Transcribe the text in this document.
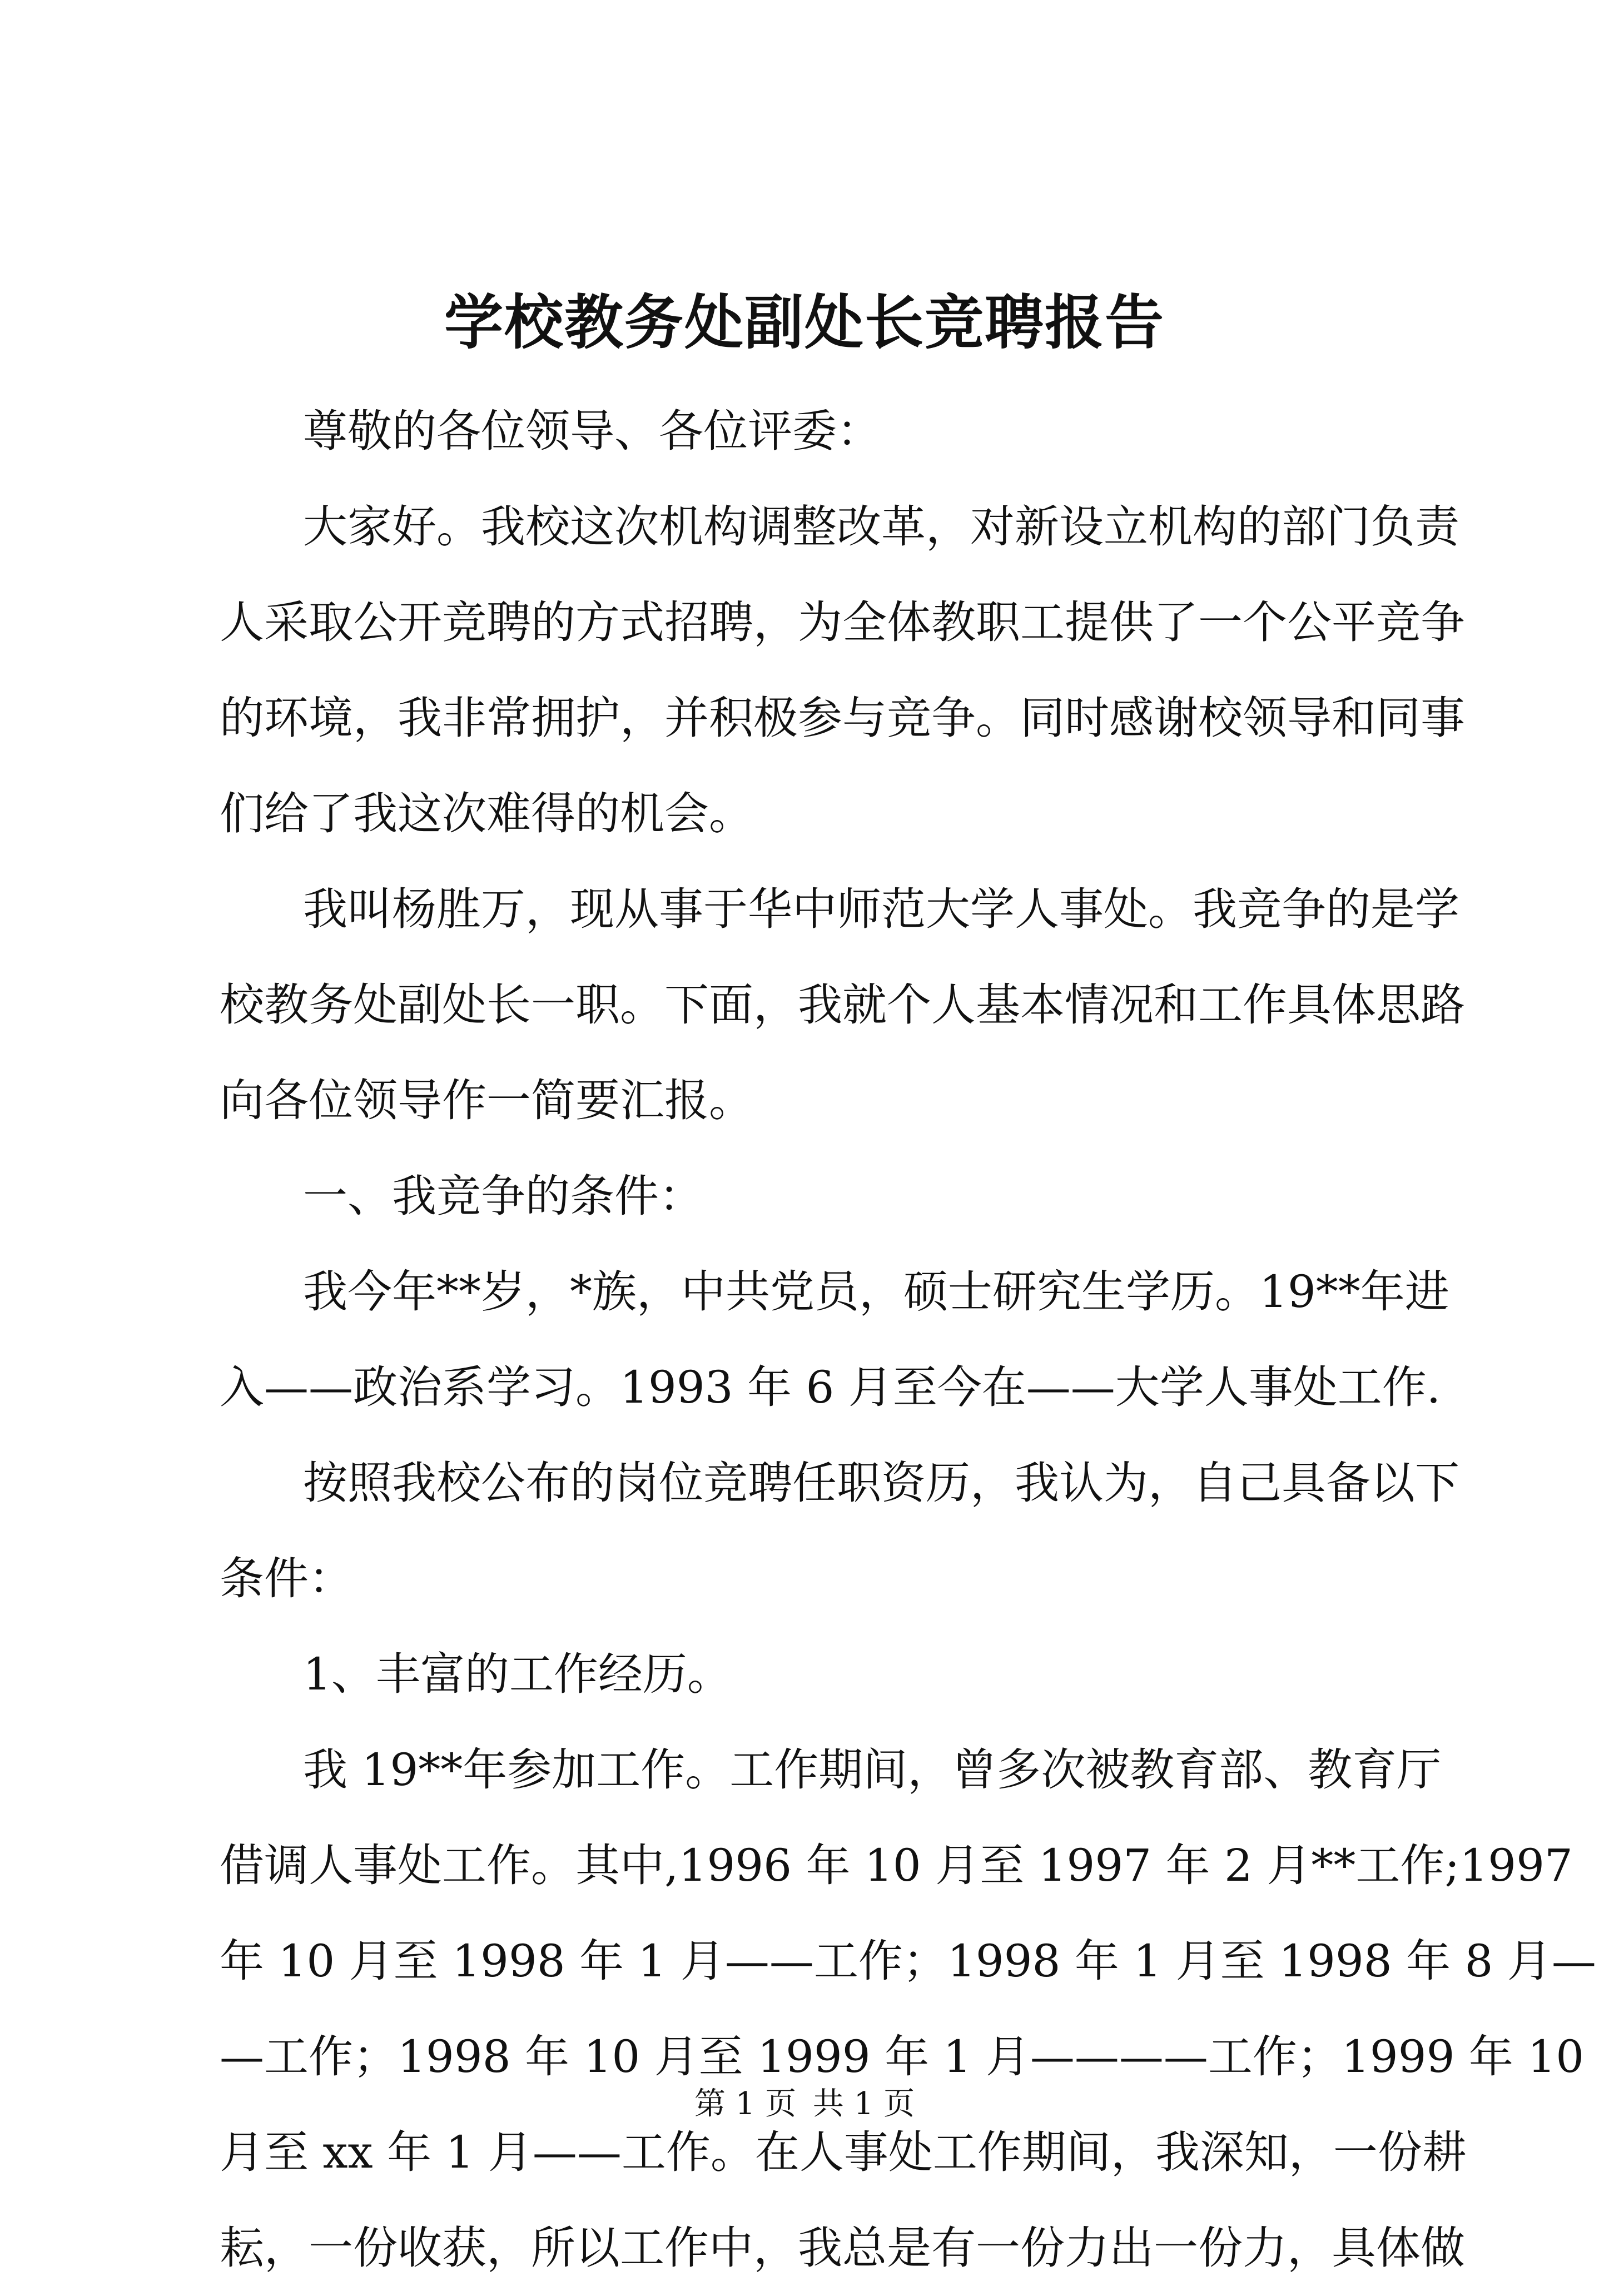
学校教务处副处长竞聘报告
尊敬的各位领导、各位评委：
大家好。我校这次机构调整改革，对新设立机构的部门负责
人采取公开竞聘的方式招聘，为全体教职工提供了一个公平竞争
的环境，我非常拥护，并积极参与竞争。同时感谢校领导和同事
们给了我这次难得的机会。
我叫杨胜万，现从事于华中师范大学人事处。我竞争的是学
校教务处副处长一职。下面，我就个人基本情况和工作具体思路
向各位领导作一简要汇报。
一、我竞争的条件：
我今年**岁，*族，中共党员，硕士研究生学历。19**年进
入——政治系学习。1993 年 6 月至今在——大学人事处工作.
按照我校公布的岗位竞聘任职资历，我认为，自己具备以下
条件：
1、丰富的工作经历。
我 19**年参加工作。工作期间，曾多次被教育部、教育厅
借调人事处工作。其中,1996 年 10 月至 1997 年 2 月**工作;1997
年 10 月至 1998 年 1 月——工作；1998 年 1 月至 1998 年 8 月—
—工作；1998 年 10 月至 1999 年 1 月————工作；1999 年 10
月至 xx 年 1 月——工作。在人事处工作期间，我深知，一份耕
耘，一份收获，所以工作中，我总是有一份力出一份力，具体做
第 1 页 共 1 页
